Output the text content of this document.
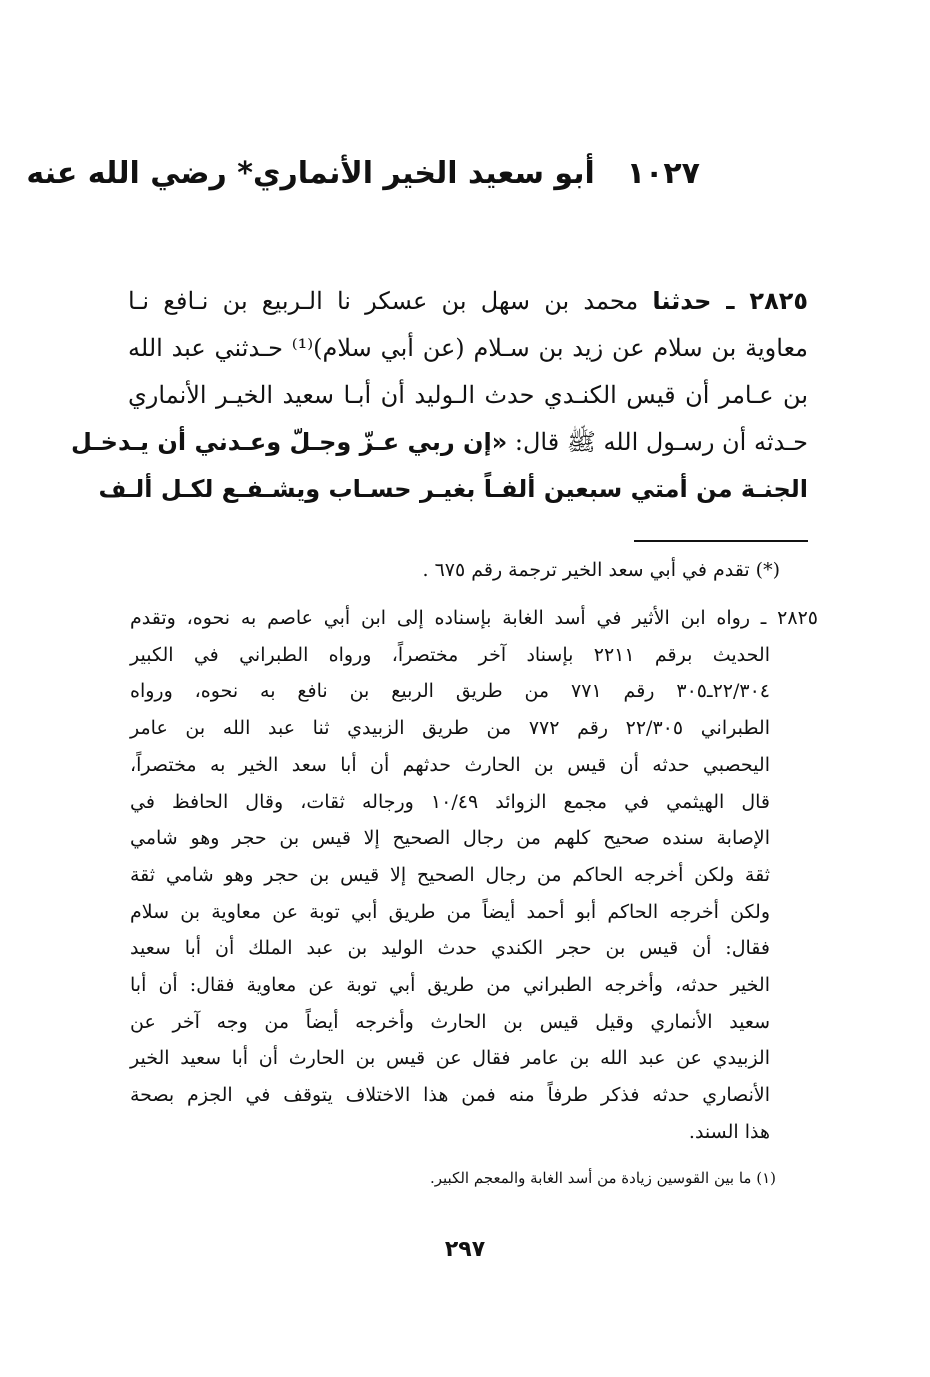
١٠٢٧أبو سعيد الخير الأنماري* رضي الله عنه
٢٨٢٥ ـ حدثنا محمد بن سهل بن عسكر نا الـربيع بن نـافع نـا
معاوية بن سلام عن زيد بن سـلام (عن أبي سلام)⁽¹⁾ حـدثني عبد الله
بن عـامر أن قيس الكنـدي حدث الـوليد أن أبـا سعيد الخيـر الأنماري
حـدثه أن رسـول الله ﷺ قال: «إن ربي عـزّ وجـلّ وعـدني أن يـدخـل
الجنـة من أمتي سبعين ألفـاً بغيـر حسـاب ويشـفـع لكـل ألـف
(*) تقدم في أبي سعد الخير ترجمة رقم ٦٧٥ .
٢٨٢٥ ـ رواه ابن الأثير في أسد الغابة بإسناده إلى ابن أبي عاصم به نحوه، وتقدم
الحديث برقم ٢٢١١ بإسناد آخر مختصراً، ورواه الطبراني في الكبير
٢٢/٣٠٤ـ٣٠٥ رقم ٧٧١ من طريق الربيع بن نافع به نحوه، ورواه
الطبراني ٢٢/٣٠٥ رقم ٧٧٢ من طريق الزبيدي ثنا عبد الله بن عامر
اليحصبي حدثه أن قيس بن الحارث حدثهم أن أبا سعد الخير به مختصراً،
قال الهيثمي في مجمع الزوائد ١٠/٤٩ ورجاله ثقات، وقال الحافظ في
الإصابة سنده صحيح كلهم من رجال الصحيح إلا قيس بن حجر وهو شامي
ثقة ولكن أخرجه الحاكم من رجال الصحيح إلا قيس بن حجر وهو شامي ثقة
ولكن أخرجه الحاكم أبو أحمد أيضاً من طريق أبي توبة عن معاوية بن سلام
فقال: أن قيس بن حجر الكندي حدث الوليد بن عبد الملك أن أبا سعيد
الخير حدثه، وأخرجه الطبراني من طريق أبي توبة عن معاوية فقال: أن أبا
سعيد الأنماري وقيل قيس بن الحارث وأخرجه أيضاً من وجه آخر عن
الزبيدي عن عبد الله بن عامر فقال عن قيس بن الحارث أن أبا سعيد الخير
الأنصاري حدثه فذكر طرفاً منه فمن هذا الاختلاف يتوقف في الجزم بصحة
هذا السند.
(١) ما بين القوسين زيادة من أسد الغابة والمعجم الكبير.
٢٩٧
